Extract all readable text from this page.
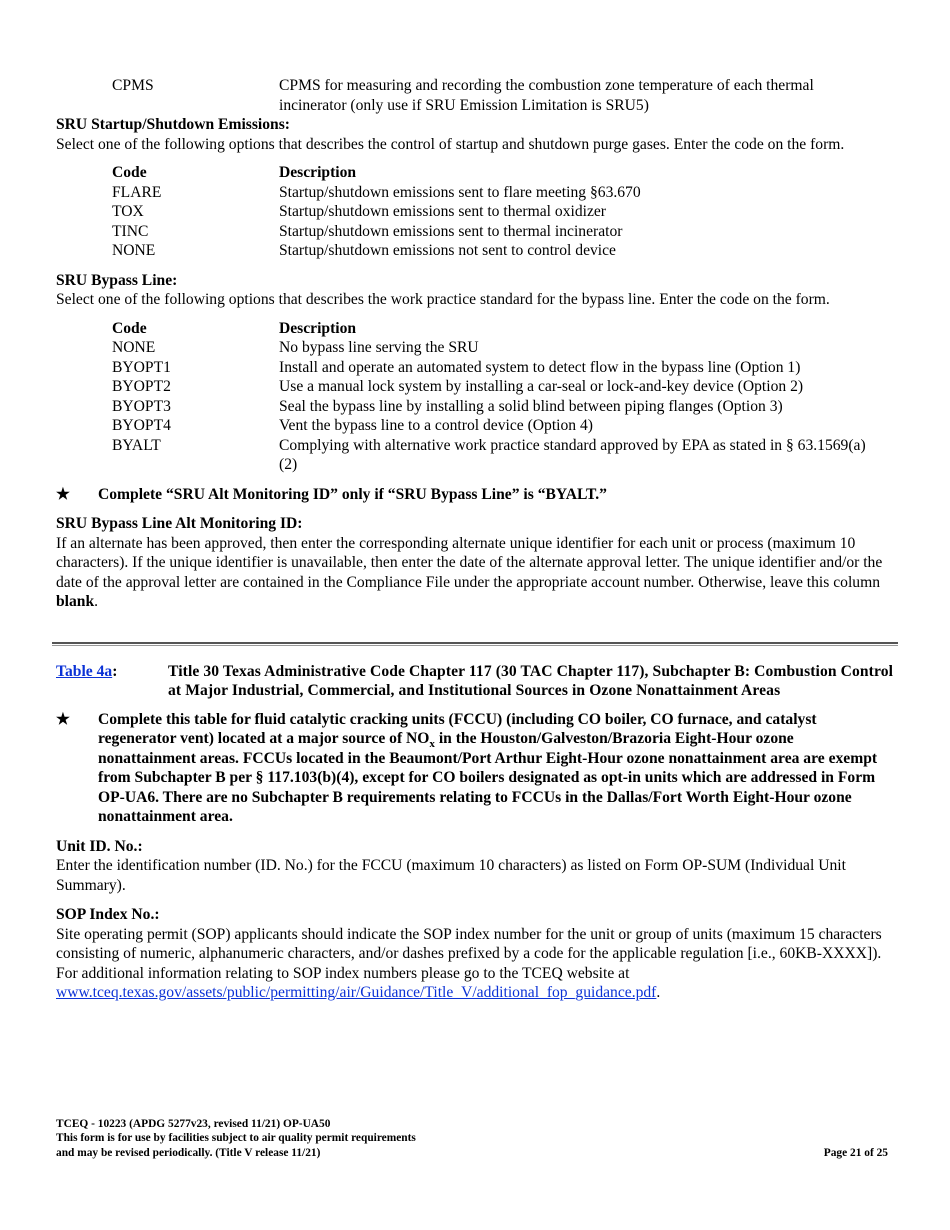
CPMS	CPMS for measuring and recording the combustion zone temperature of each thermal incinerator (only use if SRU Emission Limitation is SRU5)
SRU Startup/Shutdown Emissions:
Select one of the following options that describes the control of startup and shutdown purge gases. Enter the code on the form.
Code	Description
FLARE	Startup/shutdown emissions sent to flare meeting §63.670
TOX	Startup/shutdown emissions sent to thermal oxidizer
TINC	Startup/shutdown emissions sent to thermal incinerator
NONE	Startup/shutdown emissions not sent to control device
SRU Bypass Line:
Select one of the following options that describes the work practice standard for the bypass line. Enter the code on the form.
Code	Description
NONE	No bypass line serving the SRU
BYOPT1	Install and operate an automated system to detect flow in the bypass line (Option 1)
BYOPT2	Use a manual lock system by installing a car-seal or lock-and-key device (Option 2)
BYOPT3	Seal the bypass line by installing a solid blind between piping flanges (Option 3)
BYOPT4	Vent the bypass line to a control device (Option 4)
BYALT	Complying with alternative work practice standard approved by EPA as stated in § 63.1569(a)(2)
★	Complete “SRU Alt Monitoring ID” only if “SRU Bypass Line” is “BYALT.”
SRU Bypass Line Alt Monitoring ID:
If an alternate has been approved, then enter the corresponding alternate unique identifier for each unit or process (maximum 10 characters). If the unique identifier is unavailable, then enter the date of the alternate approval letter. The unique identifier and/or the date of the approval letter are contained in the Compliance File under the appropriate account number. Otherwise, leave this column blank.
Table 4a:	Title 30 Texas Administrative Code Chapter 117 (30 TAC Chapter 117), Subchapter B: Combustion Control at Major Industrial, Commercial, and Institutional Sources in Ozone Nonattainment Areas
★	Complete this table for fluid catalytic cracking units (FCCU) (including CO boiler, CO furnace, and catalyst regenerator vent) located at a major source of $NO_x$ in the Houston/Galveston/Brazoria Eight-Hour ozone nonattainment areas. FCCUs located in the Beaumont/Port Arthur Eight-Hour ozone nonattainment area are exempt from Subchapter B per § 117.103(b)(4), except for CO boilers designated as opt-in units which are addressed in Form OP-UA6. There are no Subchapter B requirements relating to FCCUs in the Dallas/Fort Worth Eight-Hour ozone nonattainment area.
Unit ID. No.:
Enter the identification number (ID. No.) for the FCCU (maximum 10 characters) as listed on Form OP-SUM (Individual Unit Summary).
SOP Index No.:
Site operating permit (SOP) applicants should indicate the SOP index number for the unit or group of units (maximum 15 characters consisting of numeric, alphanumeric characters, and/or dashes prefixed by a code for the applicable regulation [i.e., 60KB-XXXX]). For additional information relating to SOP index numbers please go to the TCEQ website at www.tceq.texas.gov/assets/public/permitting/air/Guidance/Title_V/additional_fop_guidance.pdf.
TCEQ - 10223 (APDG 5277v23, revised 11/21) OP-UA50
This form is for use by facilities subject to air quality permit requirements
and may be revised periodically. (Title V release 11/21)	Page 21 of 25
